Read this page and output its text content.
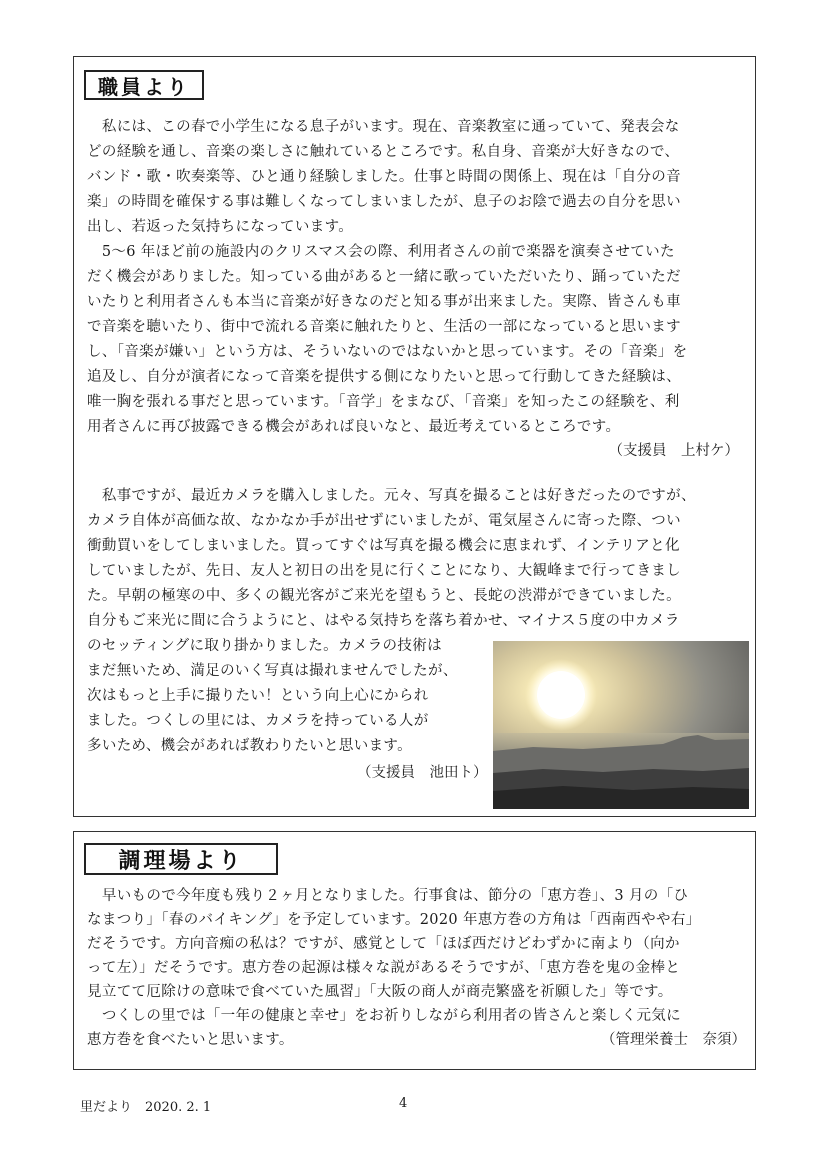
職員より
　私には、この春で小学生になる息子がいます。現在、音楽教室に通っていて、発表会な
どの経験を通し、音楽の楽しさに触れているところです。私自身、音楽が大好きなので、
バンド・歌・吹奏楽等、ひと通り経験しました。仕事と時間の関係上、現在は「自分の音
楽」の時間を確保する事は難しくなってしまいましたが、息子のお陰で過去の自分を思い
出し、若返った気持ちになっています。
　5～6 年ほど前の施設内のクリスマス会の際、利用者さんの前で楽器を演奏させていた
だく機会がありました。知っている曲があると一緒に歌っていただいたり、踊っていただ
いたりと利用者さんも本当に音楽が好きなのだと知る事が出来ました。実際、皆さんも車
で音楽を聴いたり、街中で流れる音楽に触れたりと、生活の一部になっていると思います
し、「音楽が嫌い」という方は、そういないのではないかと思っています。その「音楽」を
追及し、自分が演者になって音楽を提供する側になりたいと思って行動してきた経験は、
唯一胸を張れる事だと思っています。「音学」をまなび、「音楽」を知ったこの経験を、利
用者さんに再び披露できる機会があれば良いなと、最近考えているところです。
（支援員　上村ケ）
　私事ですが、最近カメラを購入しました。元々、写真を撮ることは好きだったのですが、
カメラ自体が高価な故、なかなか手が出せずにいましたが、電気屋さんに寄った際、つい
衝動買いをしてしまいました。買ってすぐは写真を撮る機会に恵まれず、インテリアと化
していましたが、先日、友人と初日の出を見に行くことになり、大観峰まで行ってきまし
た。早朝の極寒の中、多くの観光客がご来光を望もうと、長蛇の渋滞ができていました。
自分もご来光に間に合うようにと、はやる気持ちを落ち着かせ、マイナス５度の中カメラ
のセッティングに取り掛かりました。カメラの技術は
まだ無いため、満足のいく写真は撮れませんでしたが、
次はもっと上手に撮りたい！という向上心にかられ
ました。つくしの里には、カメラを持っている人が
多いため、機会があれば教わりたいと思います。
（支援員　池田ト）
調理場より
　早いもので今年度も残り２ヶ月となりました。行事食は、節分の「恵方巻」、3 月の「ひ
なまつり」「春のバイキング」を予定しています。2020 年恵方巻の方角は「西南西やや右」
だそうです。方向音痴の私は？ですが、感覚として「ほぼ西だけどわずかに南より（向か
って左）」だそうです。恵方巻の起源は様々な説があるそうですが、「恵方巻を鬼の金棒と
見立てて厄除けの意味で食べていた風習」「大阪の商人が商売繁盛を祈願した」等です。
　つくしの里では「一年の健康と幸せ」をお祈りしながら利用者の皆さんと楽しく元気に
恵方巻を食べたいと思います。	（管理栄養士　奈須）
里だより　2020. 2. 1	4
